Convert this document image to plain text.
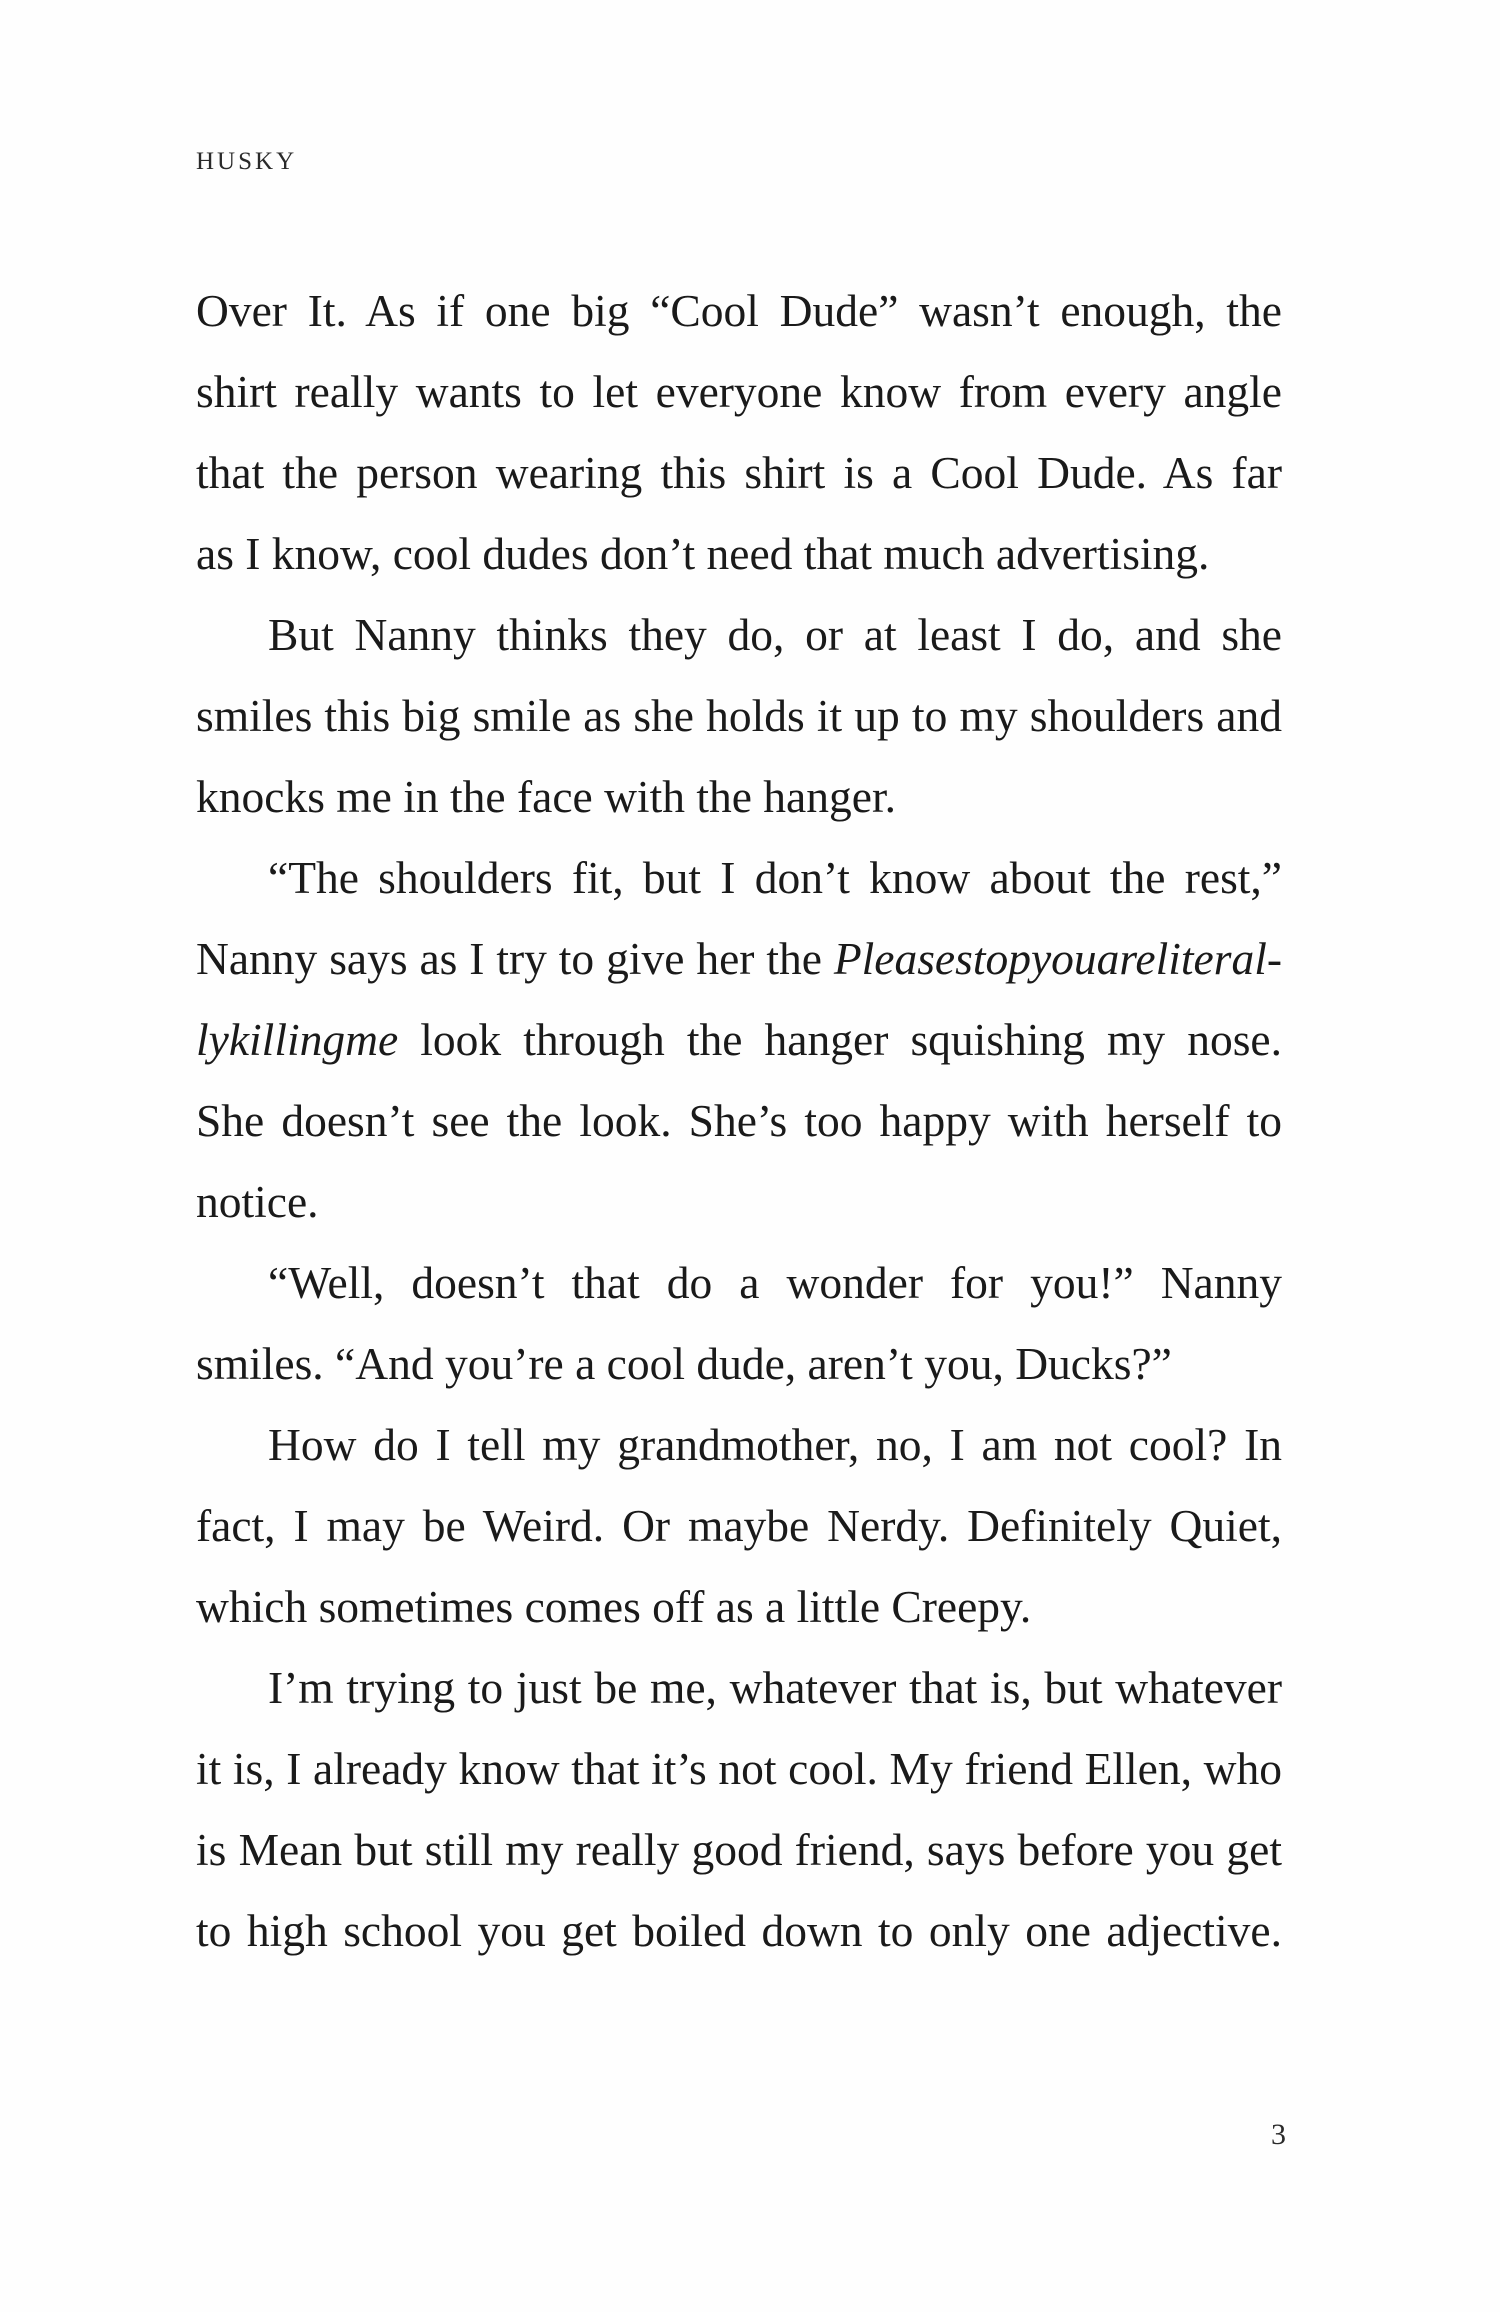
HUSKY
Over It. As if one big “Cool Dude” wasn’t enough, the
shirt really wants to let everyone know from every angle
that the person wearing this shirt is a Cool Dude. As far
as I know, cool dudes don’t need that much advertising.
But Nanny thinks they do, or at least I do, and she
smiles this big smile as she holds it up to my shoulders and
knocks me in the face with the hanger.
“The shoulders fit, but I don’t know about the rest,”
Nanny says as I try to give her the Pleasestopyouareliteral-
lykillingme look through the hanger squishing my nose.
She doesn’t see the look. She’s too happy with herself to
notice.
“Well, doesn’t that do a wonder for you!” Nanny
smiles. “And you’re a cool dude, aren’t you, Ducks?”
How do I tell my grandmother, no, I am not cool? In
fact, I may be Weird. Or maybe Nerdy. Definitely Quiet,
which sometimes comes off as a little Creepy.
I’m trying to just be me, whatever that is, but whatever
it is, I already know that it’s not cool. My friend Ellen, who
is Mean but still my really good friend, says before you get
to high school you get boiled down to only one adjective.
3
